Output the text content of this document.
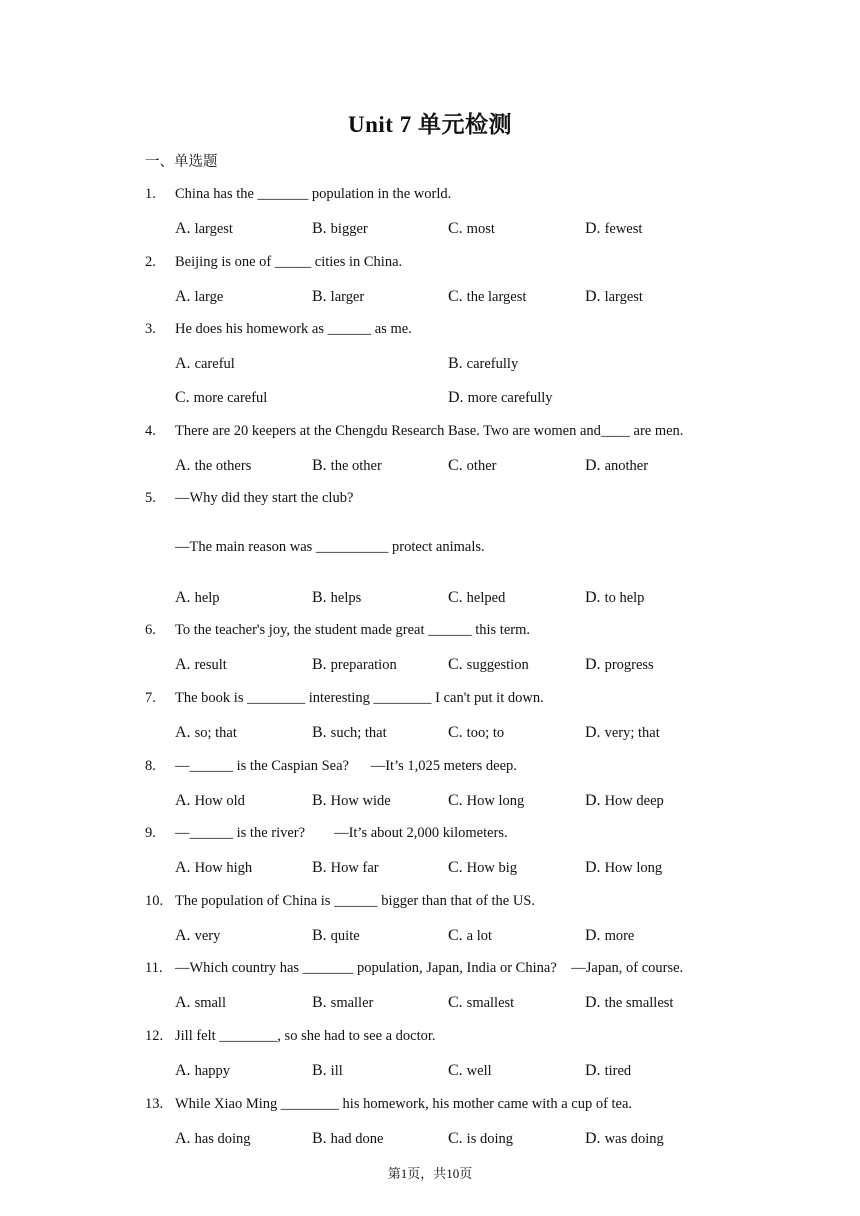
Unit 7 单元检测
一、单选题
1. China has the _______ population in the world.
A. largest	B. bigger	C. most	D. fewest
2. Beijing is one of _____ cities in China.
A. large	B. larger	C. the largest	D. largest
3. He does his homework as ______ as me.
A. careful	B. carefully
C. more careful	D. more carefully
4. There are 20 keepers at the Chengdu Research Base. Two are women and____ are men.
A. the others	B. the other	C. other	D. another
5. —Why did they start the club?
—The main reason was __________ protect animals.
A. help	B. helps	C. helped	D. to help
6. To the teacher's joy, the student made great ______ this term.
A. result	B. preparation	C. suggestion	D. progress
7. The book is ________ interesting ________ I can't put it down.
A. so; that	B. such; that	C. too; to	D. very; that
8. —______ is the Caspian Sea?      —It’s 1,025 meters deep.
A. How old	B. How wide	C. How long	D. How deep
9. —______ is the river?        —It’s about 2,000 kilometers.
A. How high	B. How far	C. How big	D. How long
10. The population of China is ______ bigger than that of the US.
A. very	B. quite	C. a lot	D. more
11. —Which country has _______ population, Japan, India or China?    —Japan, of course.
A. small	B. smaller	C. smallest	D. the smallest
12. Jill felt ________, so she had to see a doctor.
A. happy	B. ill	C. well	D. tired
13. While Xiao Ming ________ his homework, his mother came with a cup of tea.
A. has doing	B. had done	C. is doing	D. was doing
第1页，共10页
